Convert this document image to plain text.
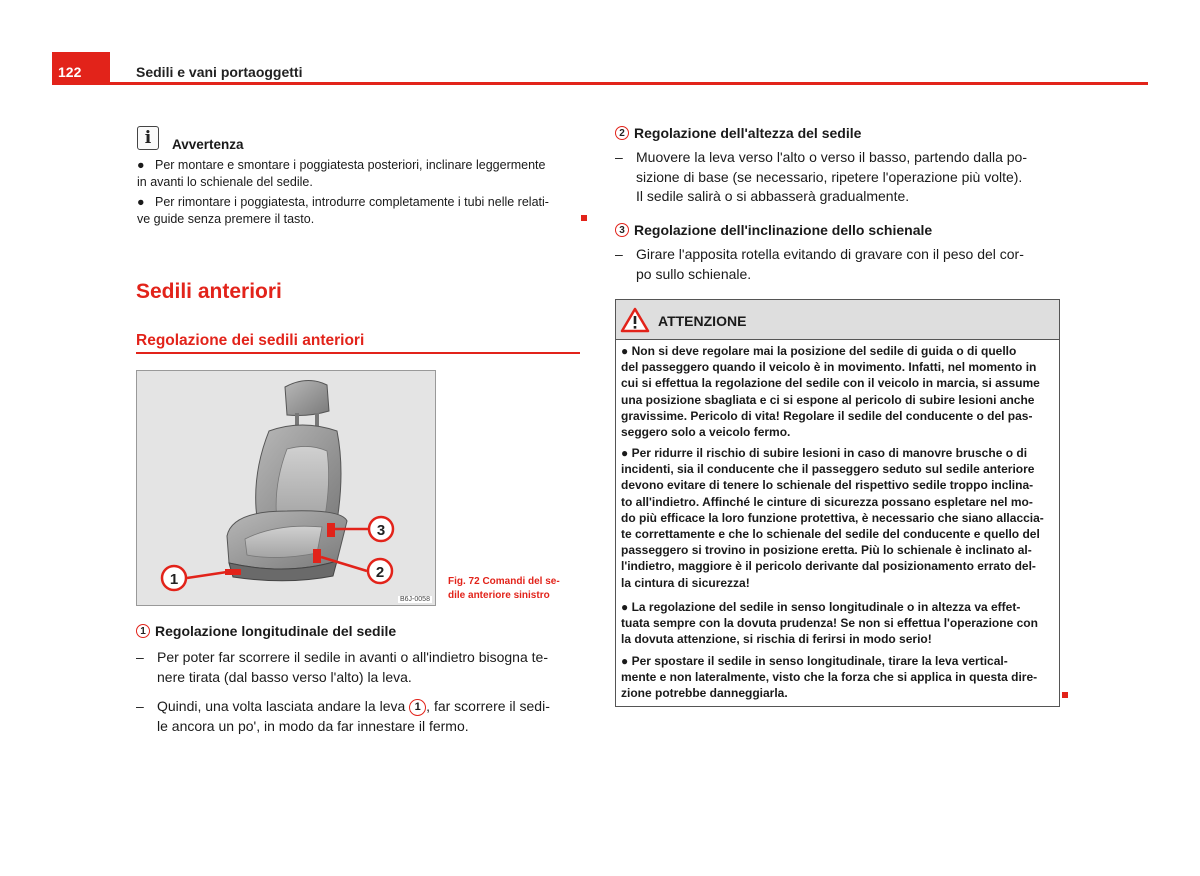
122	Sedili e vani portaoggetti
i	Avvertenza
● Per montare e smontare i poggiatesta posteriori, inclinare leggermente
in avanti lo schienale del sedile.
● Per rimontare i poggiatesta, introdurre completamente i tubi nelle relati-
ve guide senza premere il tasto.
Sedili anteriori
Regolazione dei sedili anteriori
1	2
3
B6J-0058
Fig. 72 Comandi del se-
dile anteriore sinistro
1 Regolazione longitudinale del sedile
– Per poter far scorrere il sedile in avanti o all'indietro bisogna te-
nere tirata (dal basso verso l'alto) la leva.
– Quindi, una volta lasciata andare la leva 1 , far scorrere il sedi-
le ancora un po', in modo da far innestare il fermo.
2 Regolazione dell'altezza del sedile
– Muovere la leva verso l'alto o verso il basso, partendo dalla po-
sizione di base (se necessario, ripetere l'operazione più volte).
Il sedile salirà o si abbasserà gradualmente.
3 Regolazione dell'inclinazione dello schienale
– Girare l'apposita rotella evitando di gravare con il peso del cor-
po sullo schienale.
ATTENZIONE
● Non si deve regolare mai la posizione del sedile di guida o di quello
del passeggero quando il veicolo è in movimento. Infatti, nel momento in
cui si effettua la regolazione del sedile con il veicolo in marcia, si assume
una posizione sbagliata e ci si espone al pericolo di subire lesioni anche
gravissime. Pericolo di vita! Regolare il sedile del conducente o del pas-
seggero solo a veicolo fermo.
● Per ridurre il rischio di subire lesioni in caso di manovre brusche o di
incidenti, sia il conducente che il passeggero seduto sul sedile anteriore
devono evitare di tenere lo schienale del rispettivo sedile troppo inclina-
to all'indietro. Affinché le cinture di sicurezza possano espletare nel mo-
do più efficace la loro funzione protettiva, è necessario che siano allaccia-
te correttamente e che lo schienale del sedile del conducente e quello del
passeggero si trovino in posizione eretta. Più lo schienale è inclinato al-
l'indietro, maggiore è il pericolo derivante dal posizionamento errato del-
la cintura di sicurezza!
● La regolazione del sedile in senso longitudinale o in altezza va effet-
tuata sempre con la dovuta prudenza! Se non si effettua l'operazione con
la dovuta attenzione, si rischia di ferirsi in modo serio!
● Per spostare il sedile in senso longitudinale, tirare la leva vertical-
mente e non lateralmente, visto che la forza che si applica in questa dire-
zione potrebbe danneggiarla.
